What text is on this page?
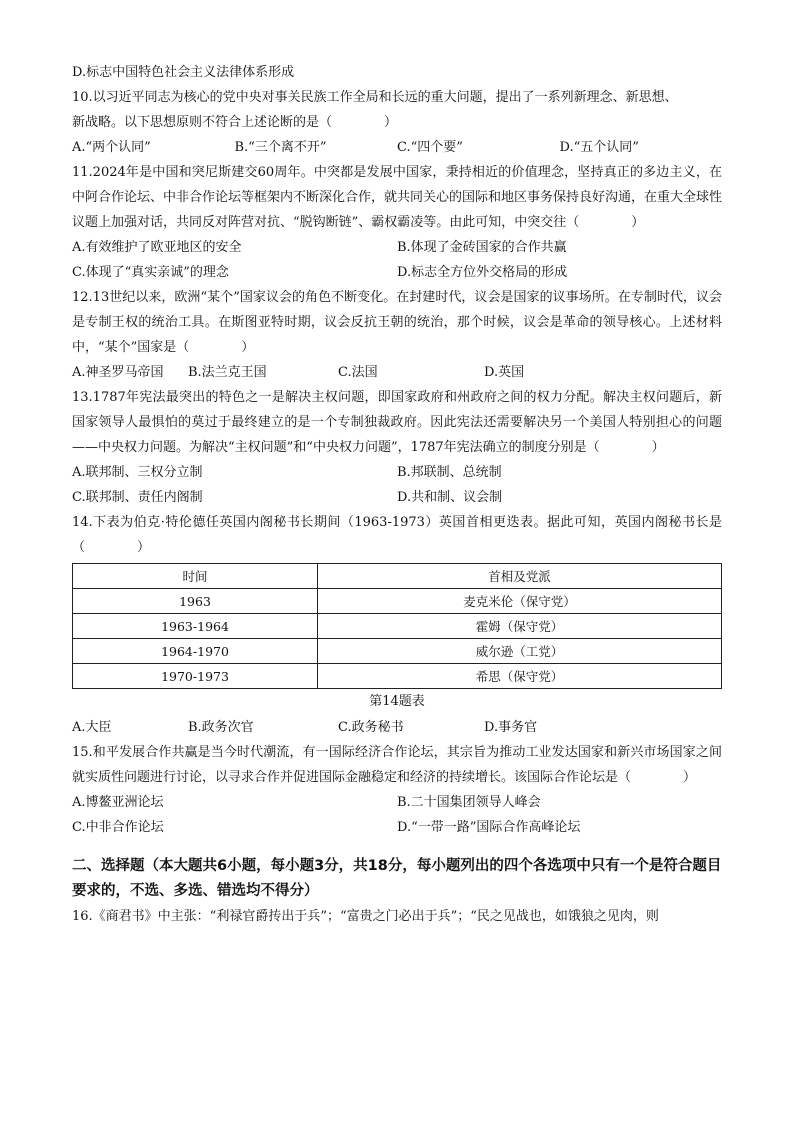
D.标志中国特色社会主义法律体系形成
10.以习近平同志为核心的党中央对事关民族工作全局和长远的重大问题，提出了一系列新理念、新思想、
新战略。以下思想原则不符合上述论断的是（　　　　）
A.“两个认同”	B.“三个离不开”	C.“四个要”	D.“五个认同”
11.2024年是中国和突尼斯建交60周年。中突都是发展中国家，秉持相近的价值理念，坚持真正的多边主义，在中阿合作论坛、中非合作论坛等框架内不断深化合作，就共同关心的国际和地区事务保持良好沟通，在重大全球性议题上加强对话，共同反对阵营对抗、“脱钩断链”、霸权霸凌等。由此可知，中突交往（　　　　）
A.有效维护了欧亚地区的安全	B.体现了金砖国家的合作共赢
C.体现了“真实亲诚”的理念	D.标志全方位外交格局的形成
12.13世纪以来，欧洲“某个”国家议会的角色不断变化。在封建时代，议会是国家的议事场所。在专制时代，议会是专制王权的统治工具。在斯图亚特时期，议会反抗王朝的统治，那个时候，议会是革命的领导核心。上述材料中，“某个”国家是（　　　　）
A.神圣罗马帝国	B.法兰克王国	C.法国	D.英国
13.1787年宪法最突出的特色之一是解决主权问题，即国家政府和州政府之间的权力分配。解决主权问题后，新国家领导人最惧怕的莫过于最终建立的是一个专制独裁政府。因此宪法还需要解决另一个美国人特别担心的问题——中央权力问题。为解决“主权问题”和“中央权力问题”，1787年宪法确立的制度分别是（　　　　）
A.联邦制、三权分立制	B.邦联制、总统制
C.联邦制、责任内阁制	D.共和制、议会制
14.下表为伯克·特伦德任英国内阁秘书长期间（1963-1973）英国首相更迭表。据此可知，英国内阁秘书长是（　　　　）
时间	首相及党派
1963	麦克米伦（保守党）
1963-1964	霍姆（保守党）
1964-1970	威尔逊（工党）
1970-1973	希思（保守党）
第14题表
A.大臣	B.政务次官	C.政务秘书	D.事务官
15.和平发展合作共赢是当今时代潮流，有一国际经济合作论坛，其宗旨为推动工业发达国家和新兴市场国家之间就实质性问题进行讨论，以寻求合作并促进国际金融稳定和经济的持续增长。该国际合作论坛是（　　　　）
A.博鳌亚洲论坛	B.二十国集团领导人峰会
C.中非合作论坛	D.“一带一路”国际合作高峰论坛
二、选择题（本大题共6小题，每小题3分，共18分，每小题列出的四个各选项中只有一个是符合题目要求的，不选、多选、错选均不得分）
16.《商君书》中主张：“利禄官爵抟出于兵”；“富贵之门必出于兵”；“民之见战也，如饿狼之见肉，则
